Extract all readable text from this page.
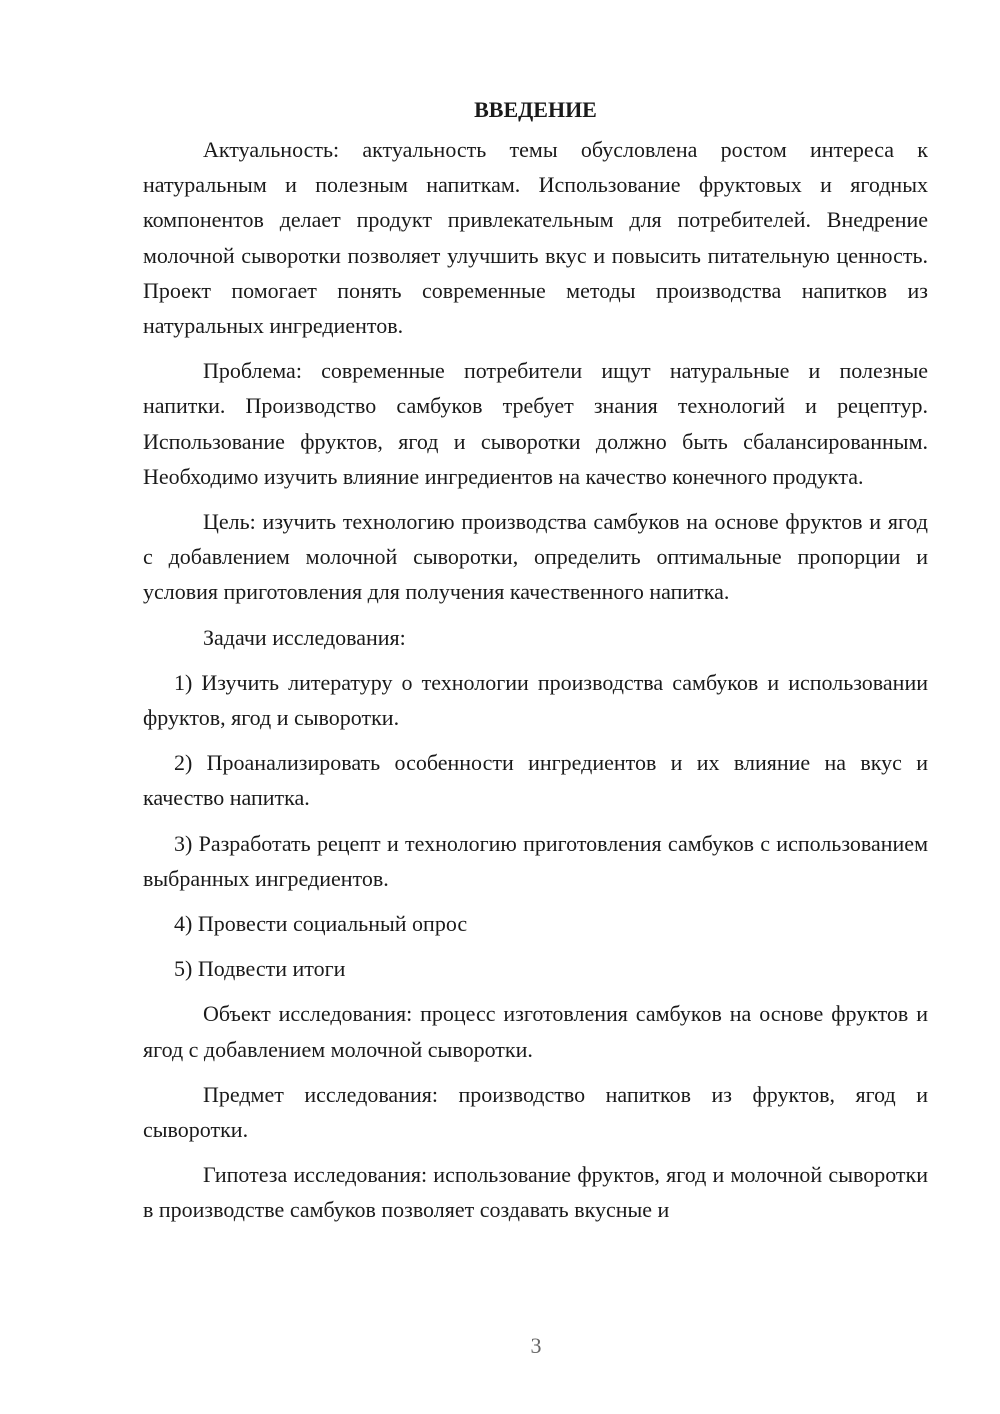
ВВЕДЕНИЕ

Актуальность: актуальность темы обусловлена ростом интереса к натуральным и полезным напиткам. Использование фруктовых и ягодных компонентов делает продукт привлекательным для потребителей. Внедрение молочной сыворотки позволяет улучшить вкус и повысить питательную ценность. Проект помогает понять современные методы производства напитков из натуральных ингредиентов.

Проблема: современные потребители ищут натуральные и полезные напитки. Производство самбуков требует знания технологий и рецептур. Использование фруктов, ягод и сыворотки должно быть сбалансированным. Необходимо изучить влияние ингредиентов на качество конечного продукта.

Цель: изучить технологию производства самбуков на основе фруктов и ягод с добавлением молочной сыворотки, определить оптимальные пропорции и условия приготовления для получения качественного напитка.

Задачи исследования:

1) Изучить литературу о технологии производства самбуков и использовании фруктов, ягод и сыворотки.

2) Проанализировать особенности ингредиентов и их влияние на вкус и качество напитка.

3) Разработать рецепт и технологию приготовления самбуков с использованием выбранных ингредиентов.

4) Провести социальный опрос

5) Подвести итоги

Объект исследования: процесс изготовления самбуков на основе фруктов и ягод с добавлением молочной сыворотки.

Предмет исследования: производство напитков из фруктов, ягод и сыворотки.

Гипотеза исследования: использование фруктов, ягод и молочной сыворотки в производстве самбуков позволяет создавать вкусные и

3
